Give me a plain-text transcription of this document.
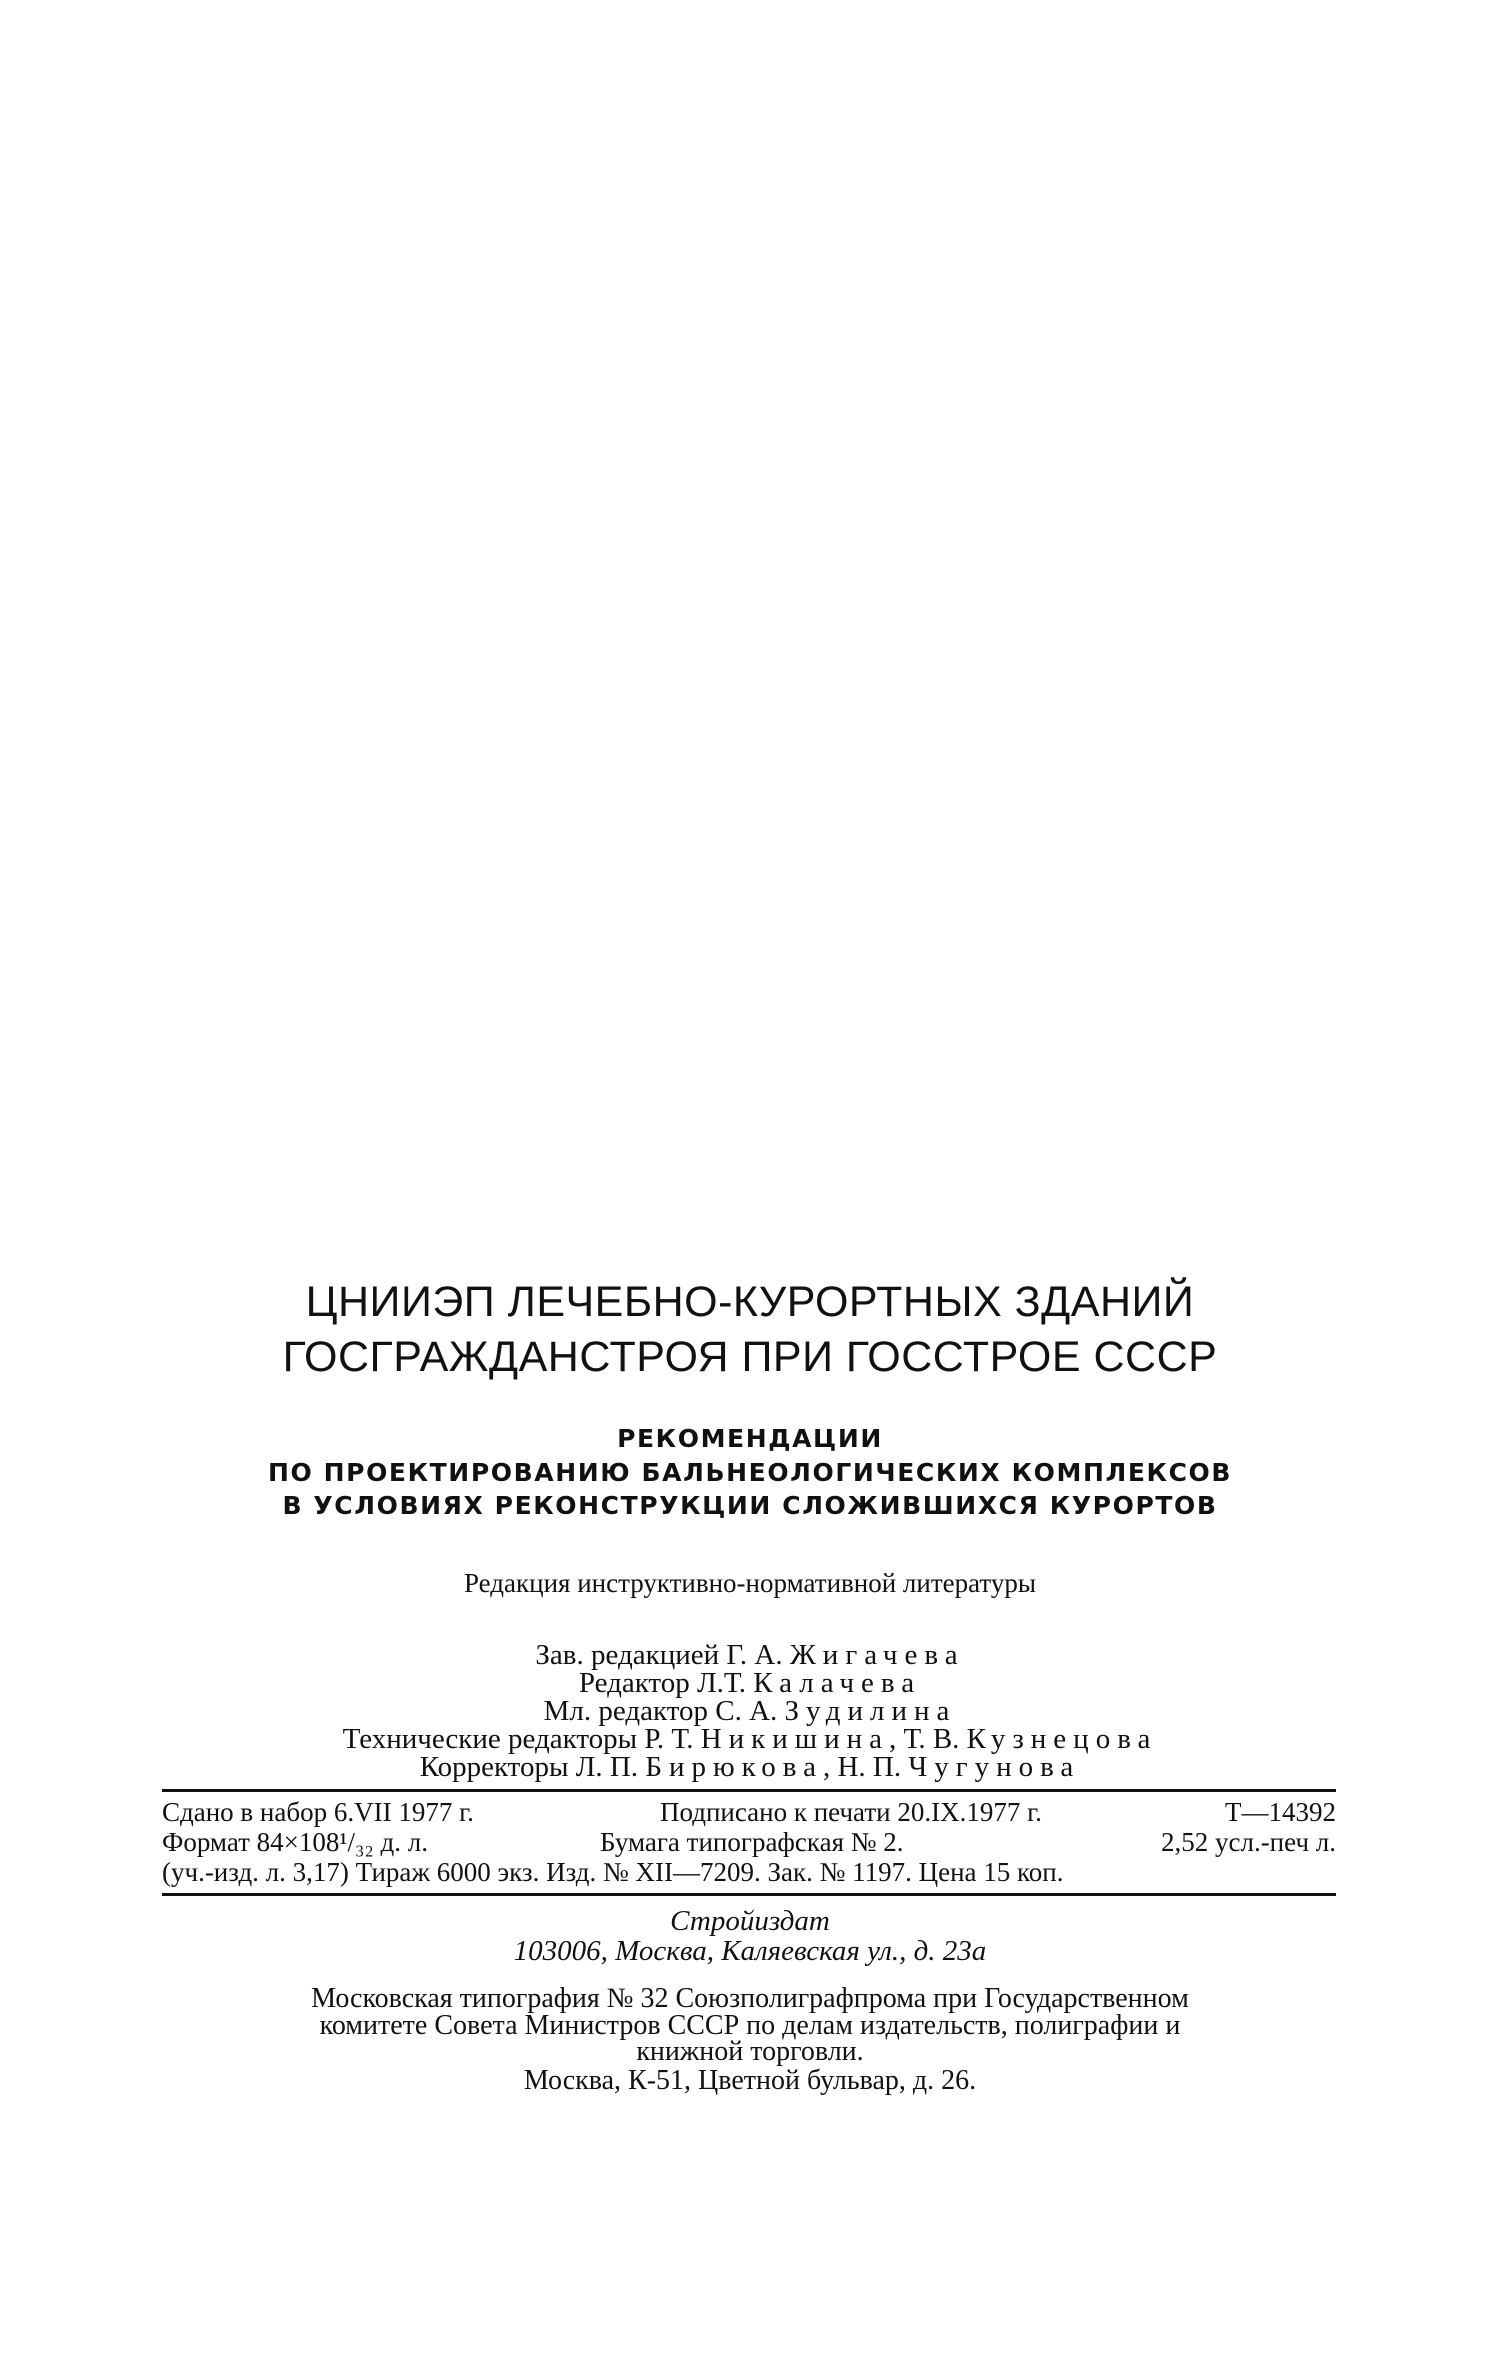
ЦНИИЭП ЛЕЧЕБНО-КУРОРТНЫХ ЗДАНИЙ
ГОСГРАЖДАНСТРОЯ ПРИ ГОССТРОЕ СССР
РЕКОМЕНДАЦИИ
ПО ПРОЕКТИРОВАНИЮ БАЛЬНЕОЛОГИЧЕСКИХ КОМПЛЕКСОВ
В УСЛОВИЯХ РЕКОНСТРУКЦИИ СЛОЖИВШИХСЯ КУРОРТОВ
Редакция инструктивно-нормативной литературы
Зав. редакцией Г. А. Жигачева
Редактор Л.Т. Калачева
Мл. редактор С. А. Зудилина
Технические редакторы Р. Т. Никишина, Т. В. Кузнецова
Корректоры Л. П. Бирюкова, Н. П. Чугунова
Сдано в набор 6.VII 1977 г.	Подписано к печати 20.IX.1977 г.	Т—14392
Формат 84×108¹/₃₂ д. л.	Бумага типографская № 2.	2,52 усл.-печ л.
(уч.-изд. л. 3,17) Тираж 6000 экз. Изд. № XII—7209. Зак. № 1197. Цена 15 коп.
Стройиздат
103006, Москва, Каляевская ул., д. 23а
Московская типография № 32 Союзполиграфпрома при Государственном
комитете Совета Министров СССР по делам издательств, полиграфии и
книжной торговли.
Москва, К-51, Цветной бульвар, д. 26.
